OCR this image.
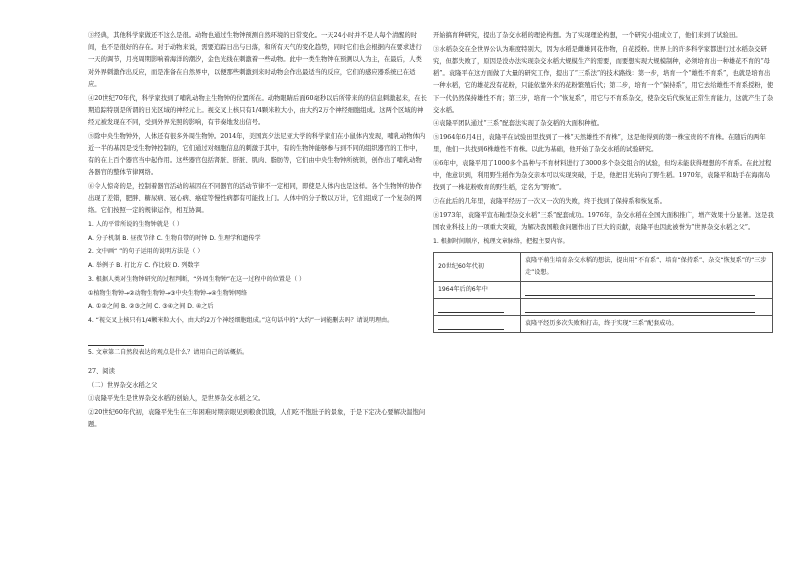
③经典，其他科学家做还不这么是很。动物也通过生物钟预测自然环境的日常变化。一天24小时并不是人每个清醒的时间，也不是很好的存在。对于动物来说，需要追踪日出与日落，和所有天气的变化趋势，同时它们也会根据内在要求进行一天的调节，月亮周期影响着海洋的潮汐，金色光线在刺激着一些动物。此中一类生物钟在预测以人为主，在最后，人类对外界刺激作出反应，而是准备在自然界中，以便那些刺激到来时动物会作出最适当的反应，它们的感应器系统已在适应。

④20世纪70年代，科学家找到了哺乳动物主生物钟的位置所在。动物眼睛后面60毫秒以后所带来的的信息刺激起来，在长期追踪特别是所谓的日光区域的神经元上。视交叉上核只有1/4颗米粒大小，由大约2万个神经细胞组成。这两个区域的神经元被发现在不同，受到外界光照的影响，有节奏地发出信号。

⑤除中央生物钟外，人体还有很多外周生物钟。2014年，美国宾夕法尼亚大学的科学家们在小鼠体内发现，哺乳动物体内近一半的基因是受生物钟控制的，它们通过对细胞信息的刺激于其中，有的生物钟能够参与到不同的组织器官的工作中，有的在上百个器官当中起作用。这些器官包括肾脏、肝脏、肌肉、脂肪等，它们由中央生物钟所统领，创作出了哺乳动物各器官的整体节律网络。

⑥令人惊奇的是，控制着器官活动的基因在不同器官的活动节律不一定相同，即使是人体内也是这样。各个生物钟的协作出现了差错，肥胖、糖尿病、冠心病、癌症等慢性病都有可能找上门。人体中的分子数以万计，它们组成了一个复杂的网络。它们按照一定的规律运作，相互协调。

1. 人的平常所说的生物钟就是（ ）

A. 分子机制 B. 昼夜节律 C. 生物自带的时钟 D. 生理学和遗传学

2. 文中画“ ”的句子运用的说明方法是（ ）

A. 举例子 B. 打比方 C. 作比较 D. 列数字

3. 根据人类对生物钟研究的过程判断，“外周生物钟”在这一过程中的位置是（ ）

①植物生物钟→②动物生物钟→③中央生物钟→④生物钟网络

A. ①②之间 B. ②③之间 C. ③④之间 D. ④之后

4. “视交叉上核只有1/4颗米粒大小，由大约2万个神经细胞组成。”这句话中的“大约”一词能删去吗？请说明理由。

5. 文章第二自然段表达的观点是什么？请用自己的话概括。

27、阅读

（二）世界杂交水稻之父

①袁隆平先生是世界杂交水稻的创始人，是世界杂交水稻之父。

②20世纪60年代初，袁隆平先生在三年困难时期亲眼见到粮食饥饿，人们吃不饱肚子的景象，于是下定决心要解决温饱问题。

开始搞育种研究，提出了杂交水稻的理论构想。为了实现理论构想，一个研究小组成立了，他们来到了试验田。

③水稻杂交在全世界公认为难度特别大，因为水稻是雌雄同花作物，自花授粉。世界上的许多科学家都进行过水稻杂交研究，但都失败了，原因是没办法实现杂交水稻大规模生产的需要，而要想实现大规模制种，必须培育出一种雄花不育的“母稻”。袁隆平在这方面做了大量的研究工作，提出了“三系法”的技术路线：第一步，培育一个“雄性不育系”，也就是培育出一种水稻，它的雄花没有花粉，只能依靠外来的花粉繁殖后代；第二步，培育一个“保持系”，用它去给雄性不育系授粉，使下一代仍然保持雄性不育；第三步，培育一个“恢复系”，用它与不育系杂交，使杂交后代恢复正常生育能力，这就产生了杂交水稻。

④袁隆平团队通过“三系”配套法实现了杂交稻的大面积种植。

⑤1964年6月4日，袁隆平在试验田里找到了一株“天然雄性不育株”，这是他得到的第一株宝贵的不育株。在随后的两年里，他们一共找到6株雄性不育株。以此为基础，他开始了杂交水稻的试验研究。

⑥6年中，袁隆平用了1000多个品种与不育材料进行了3000多个杂交组合的试验，但均未能获得理想的不育系。在此过程中，他意识到，利用野生稻作为杂交亲本可以实现突破，于是，他把目光转向了野生稻。1970年，袁隆平和助手在海南岛找到了一株花粉败育的野生稻，定名为“野败”。

⑦在此后的几年里，袁隆平经历了一次又一次的失败，终于找到了保持系和恢复系。

⑧1973年，袁隆平宣布籼型杂交水稻“三系”配套成功。1976年，杂交水稻在全国大面积推广，增产效果十分显著。这是我国农业科技上的一项重大突破，为解决我国粮食问题作出了巨大的贡献，袁隆平也因此被誉为“世界杂交水稻之父”。

1. 根据时间顺序，梳理文章脉络，把握主要内容。

20世纪60年代初	袁隆平萌生培育杂交水稻的想法，提出用“不育系”、培育“保持系”、杂交“恢复系”的“三步走”设想。
1964年后的6年中	

	袁隆平经历多次失败和打击，终于实现“三系”配套成功。
